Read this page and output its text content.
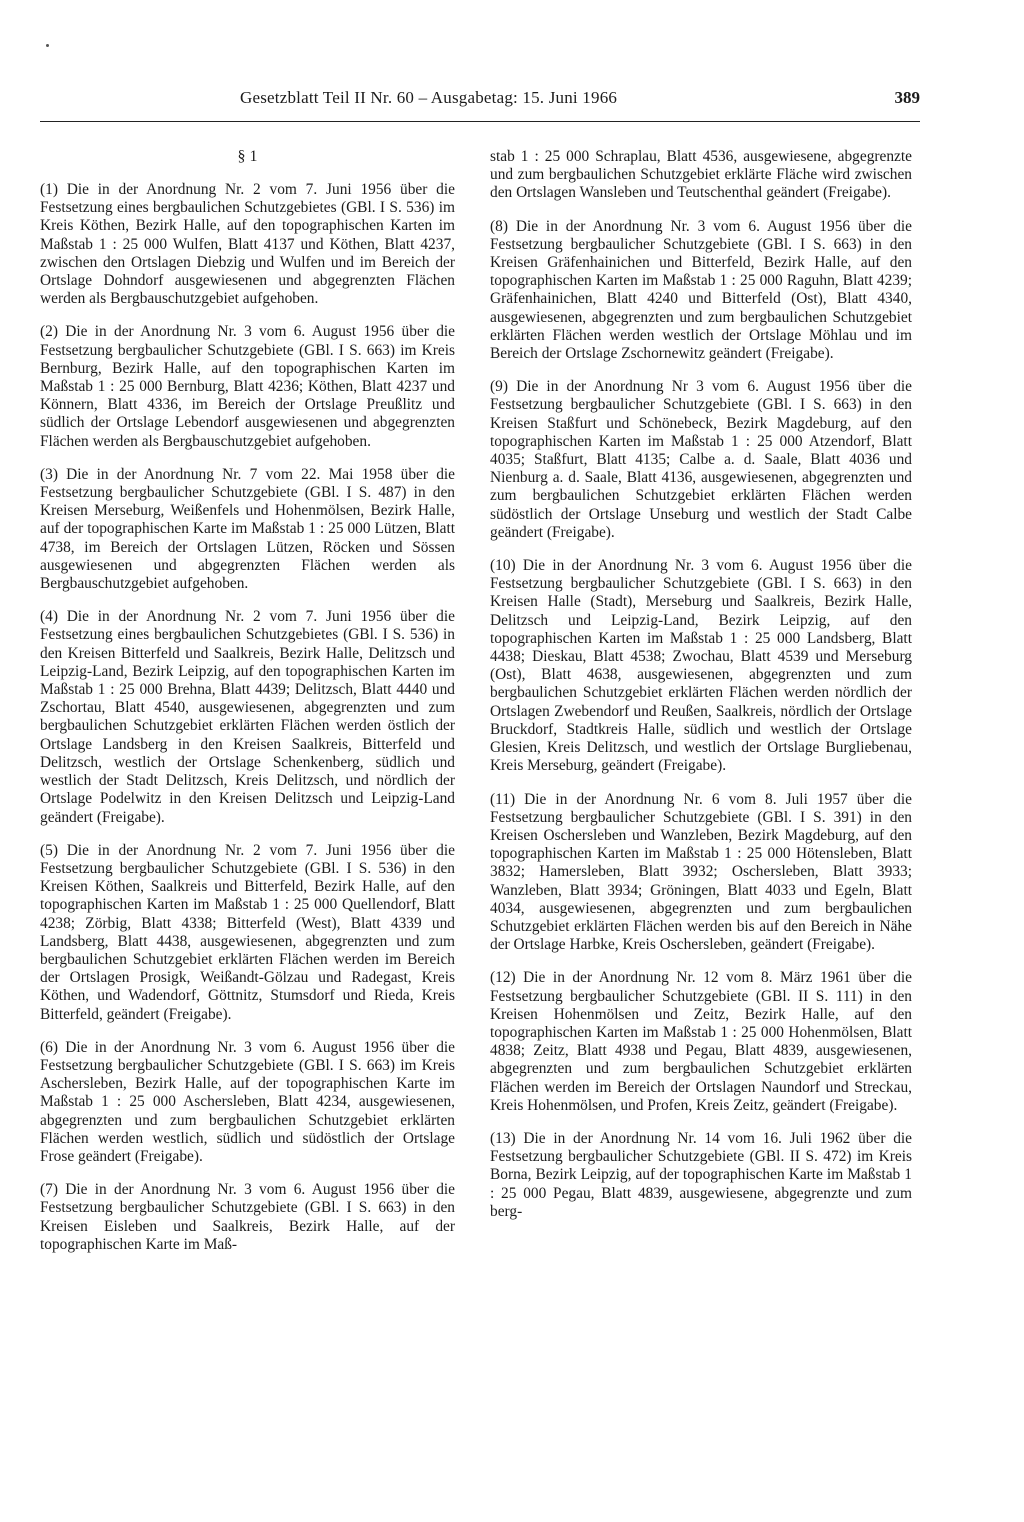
Gesetzblatt Teil II Nr. 60 – Ausgabetag: 15. Juni 1966	389
§ 1

(1) Die in der Anordnung Nr. 2 vom 7. Juni 1956 über die Festsetzung eines bergbaulichen Schutzgebietes (GBl. I S. 536) im Kreis Köthen, Bezirk Halle, auf den topographischen Karten im Maßstab 1 : 25 000 Wulfen, Blatt 4137 und Köthen, Blatt 4237, zwischen den Ortslagen Diebzig und Wulfen und im Bereich der Ortslage Dohndorf ausgewiesenen und abgegrenzten Flächen werden als Bergbauschutzgebiet aufgehoben.

(2) Die in der Anordnung Nr. 3 vom 6. August 1956 über die Festsetzung bergbaulicher Schutzgebiete (GBl. I S. 663) im Kreis Bernburg, Bezirk Halle, auf den topographischen Karten im Maßstab 1 : 25 000 Bernburg, Blatt 4236; Köthen, Blatt 4237 und Könnern, Blatt 4336, im Bereich der Ortslage Preußlitz und südlich der Ortslage Lebendorf ausgewiesenen und abgegrenzten Flächen werden als Bergbauschutzgebiet aufgehoben.

(3) Die in der Anordnung Nr. 7 vom 22. Mai 1958 über die Festsetzung bergbaulicher Schutzgebiete (GBl. I S. 487) in den Kreisen Merseburg, Weißenfels und Hohenmölsen, Bezirk Halle, auf der topographischen Karte im Maßstab 1 : 25 000 Lützen, Blatt 4738, im Bereich der Ortslagen Lützen, Röcken und Sössen ausgewiesenen und abgegrenzten Flächen werden als Bergbauschutzgebiet aufgehoben.

(4) Die in der Anordnung Nr. 2 vom 7. Juni 1956 über die Festsetzung eines bergbaulichen Schutzgebietes (GBl. I S. 536) in den Kreisen Bitterfeld und Saalkreis, Bezirk Halle, Delitzsch und Leipzig-Land, Bezirk Leipzig, auf den topographischen Karten im Maßstab 1 : 25 000 Brehna, Blatt 4439; Delitzsch, Blatt 4440 und Zschortau, Blatt 4540, ausgewiesenen, abgegrenzten und zum bergbaulichen Schutzgebiet erklärten Flächen werden östlich der Ortslage Landsberg in den Kreisen Saalkreis, Bitterfeld und Delitzsch, westlich der Ortslage Schenkenberg, südlich und westlich der Stadt Delitzsch, Kreis Delitzsch, und nördlich der Ortslage Podelwitz in den Kreisen Delitzsch und Leipzig-Land geändert (Freigabe).

(5) Die in der Anordnung Nr. 2 vom 7. Juni 1956 über die Festsetzung bergbaulicher Schutzgebiete (GBl. I S. 536) in den Kreisen Köthen, Saalkreis und Bitterfeld, Bezirk Halle, auf den topographischen Karten im Maßstab 1 : 25 000 Quellendorf, Blatt 4238; Zörbig, Blatt 4338; Bitterfeld (West), Blatt 4339 und Landsberg, Blatt 4438, ausgewiesenen, abgegrenzten und zum bergbaulichen Schutzgebiet erklärten Flächen werden im Bereich der Ortslagen Prosigk, Weißandt-Gölzau und Radegast, Kreis Köthen, und Wadendorf, Göttnitz, Stumsdorf und Rieda, Kreis Bitterfeld, geändert (Freigabe).

(6) Die in der Anordnung Nr. 3 vom 6. August 1956 über die Festsetzung bergbaulicher Schutzgebiete (GBl. I S. 663) im Kreis Aschersleben, Bezirk Halle, auf der topographischen Karte im Maßstab 1 : 25 000 Aschersleben, Blatt 4234, ausgewiesenen, abgegrenzten und zum bergbaulichen Schutzgebiet erklärten Flächen werden westlich, südlich und südöstlich der Ortslage Frose geändert (Freigabe).

(7) Die in der Anordnung Nr. 3 vom 6. August 1956 über die Festsetzung bergbaulicher Schutzgebiete (GBl. I S. 663) in den Kreisen Eisleben und Saalkreis, Bezirk Halle, auf der topographischen Karte im Maß-

stab 1 : 25 000 Schraplau, Blatt 4536, ausgewiesene, abgegrenzte und zum bergbaulichen Schutzgebiet erklärte Fläche wird zwischen den Ortslagen Wansleben und Teutschenthal geändert (Freigabe).

(8) Die in der Anordnung Nr. 3 vom 6. August 1956 über die Festsetzung bergbaulicher Schutzgebiete (GBl. I S. 663) in den Kreisen Gräfenhainichen und Bitterfeld, Bezirk Halle, auf den topographischen Karten im Maßstab 1 : 25 000 Raguhn, Blatt 4239; Gräfenhainichen, Blatt 4240 und Bitterfeld (Ost), Blatt 4340, ausgewiesenen, abgegrenzten und zum bergbaulichen Schutzgebiet erklärten Flächen werden westlich der Ortslage Möhlau und im Bereich der Ortslage Zschornewitz geändert (Freigabe).

(9) Die in der Anordnung Nr 3 vom 6. August 1956 über die Festsetzung bergbaulicher Schutzgebiete (GBl. I S. 663) in den Kreisen Staßfurt und Schönebeck, Bezirk Magdeburg, auf den topographischen Karten im Maßstab 1 : 25 000 Atzendorf, Blatt 4035; Staßfurt, Blatt 4135; Calbe a. d. Saale, Blatt 4036 und Nienburg a. d. Saale, Blatt 4136, ausgewiesenen, abgegrenzten und zum bergbaulichen Schutzgebiet erklärten Flächen werden südöstlich der Ortslage Unseburg und westlich der Stadt Calbe geändert (Freigabe).

(10) Die in der Anordnung Nr. 3 vom 6. August 1956 über die Festsetzung bergbaulicher Schutzgebiete (GBl. I S. 663) in den Kreisen Halle (Stadt), Merseburg und Saalkreis, Bezirk Halle, Delitzsch und Leipzig-Land, Bezirk Leipzig, auf den topographischen Karten im Maßstab 1 : 25 000 Landsberg, Blatt 4438; Dieskau, Blatt 4538; Zwochau, Blatt 4539 und Merseburg (Ost), Blatt 4638, ausgewiesenen, abgegrenzten und zum bergbaulichen Schutzgebiet erklärten Flächen werden nördlich der Ortslagen Zwebendorf und Reußen, Saalkreis, nördlich der Ortslage Bruckdorf, Stadtkreis Halle, südlich und westlich der Ortslage Glesien, Kreis Delitzsch, und westlich der Ortslage Burgliebenau, Kreis Merseburg, geändert (Freigabe).

(11) Die in der Anordnung Nr. 6 vom 8. Juli 1957 über die Festsetzung bergbaulicher Schutzgebiete (GBl. I S. 391) in den Kreisen Oschersleben und Wanzleben, Bezirk Magdeburg, auf den topographischen Karten im Maßstab 1 : 25 000 Hötensleben, Blatt 3832; Hamersleben, Blatt 3932; Oschersleben, Blatt 3933; Wanzleben, Blatt 3934; Gröningen, Blatt 4033 und Egeln, Blatt 4034, ausgewiesenen, abgegrenzten und zum bergbaulichen Schutzgebiet erklärten Flächen werden bis auf den Bereich in Nähe der Ortslage Harbke, Kreis Oschersleben, geändert (Freigabe).

(12) Die in der Anordnung Nr. 12 vom 8. März 1961 über die Festsetzung bergbaulicher Schutzgebiete (GBl. II S. 111) in den Kreisen Hohenmölsen und Zeitz, Bezirk Halle, auf den topographischen Karten im Maßstab 1 : 25 000 Hohenmölsen, Blatt 4838; Zeitz, Blatt 4938 und Pegau, Blatt 4839, ausgewiesenen, abgegrenzten und zum bergbaulichen Schutzgebiet erklärten Flächen werden im Bereich der Ortslagen Naundorf und Streckau, Kreis Hohenmölsen, und Profen, Kreis Zeitz, geändert (Freigabe).

(13) Die in der Anordnung Nr. 14 vom 16. Juli 1962 über die Festsetzung bergbaulicher Schutzgebiete (GBl. II S. 472) im Kreis Borna, Bezirk Leipzig, auf der topographischen Karte im Maßstab 1 : 25 000 Pegau, Blatt 4839, ausgewiesene, abgegrenzte und zum berg-
